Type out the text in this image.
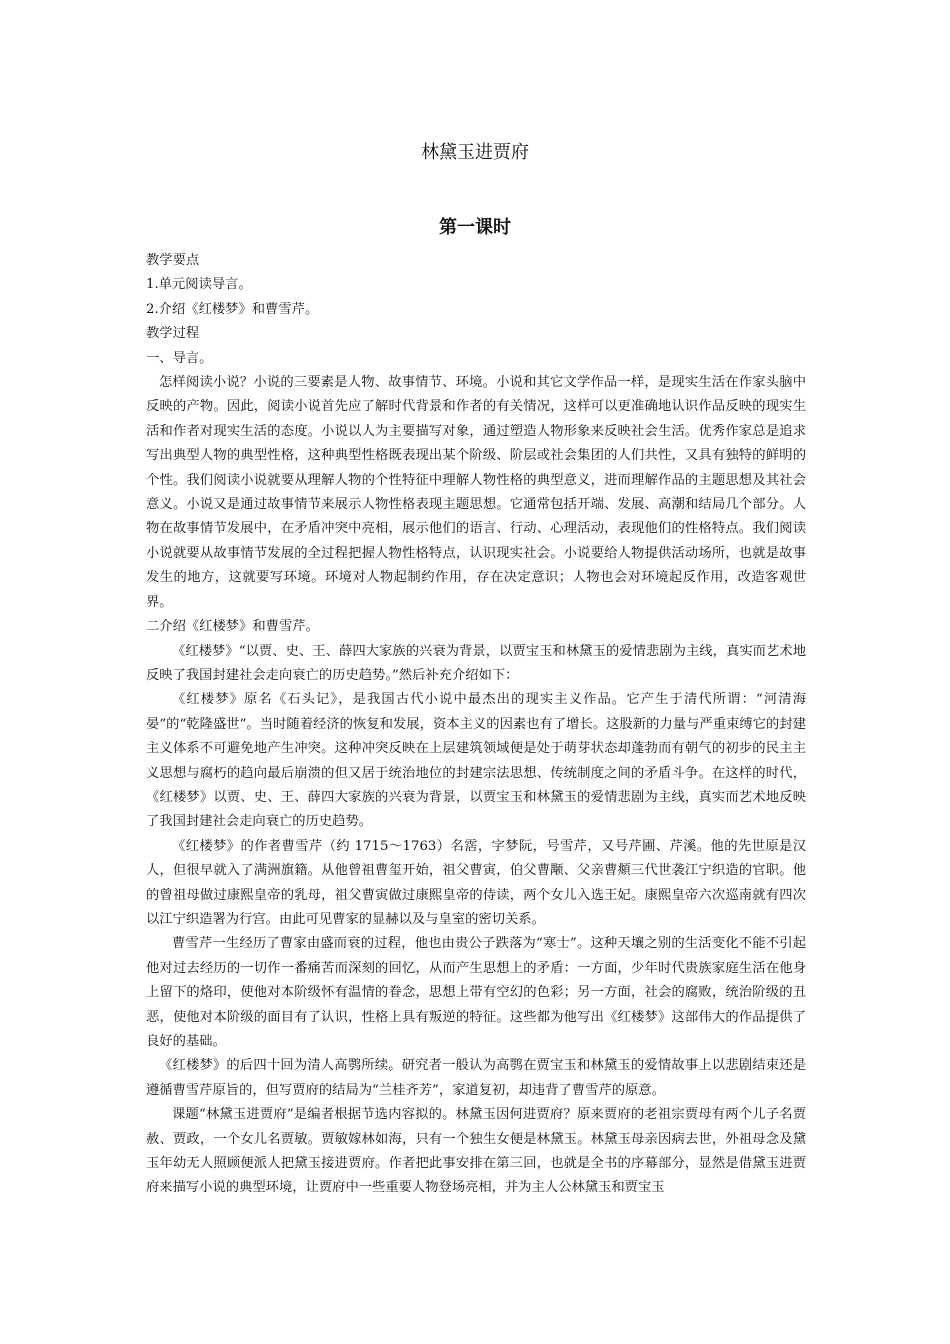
林黛玉进贾府
第一课时

教学要点

1.单元阅读导言。

2.介绍《红楼梦》和曹雪芹。

教学过程

一、导言。

怎样阅读小说？小说的三要素是人物、故事情节、环境。小说和其它文学作品一样，是现实生活在作家头脑中反映的产物。因此，阅读小说首先应了解时代背景和作者的有关情况，这样可以更准确地认识作品反映的现实生活和作者对现实生活的态度。小说以人为主要描写对象，通过塑造人物形象来反映社会生活。优秀作家总是追求写出典型人物的典型性格，这种典型性格既表现出某个阶级、阶层或社会集团的人们共性，又具有独特的鲜明的个性。我们阅读小说就要从理解人物的个性特征中理解人物性格的典型意义，进而理解作品的主题思想及其社会意义。小说又是通过故事情节来展示人物性格表现主题思想。它通常包括开端、发展、高潮和结局几个部分。人物在故事情节发展中，在矛盾冲突中亮相，展示他们的语言、行动、心理活动，表现他们的性格特点。我们阅读小说就要从故事情节发展的全过程把握人物性格特点，认识现实社会。小说要给人物提供活动场所，也就是故事发生的地方，这就要写环境。环境对人物起制约作用，存在决定意识；人物也会对环境起反作用，改造客观世界。

二介绍《红楼梦》和曹雪芹。

《红楼梦》“以贾、史、王、薛四大家族的兴衰为背景，以贾宝玉和林黛玉的爱情悲剧为主线，真实而艺术地反映了我国封建社会走向衰亡的历史趋势。”然后补充介绍如下：

《红楼梦》原名《石头记》，是我国古代小说中最杰出的现实主义作品。它产生于清代所谓：“河清海晏”的“乾隆盛世”。当时随着经济的恢复和发展，资本主义的因素也有了增长。这股新的力量与严重束缚它的封建主义体系不可避免地产生冲突。这种冲突反映在上层建筑领域便是处于萌芽状态却蓬勃而有朝气的初步的民主主义思想与腐朽的趋向最后崩溃的但又居于统治地位的封建宗法思想、传统制度之间的矛盾斗争。在这样的时代，《红楼梦》以贾、史、王、薛四大家族的兴衰为背景，以贾宝玉和林黛玉的爱情悲剧为主线，真实而艺术地反映了我国封建社会走向衰亡的历史趋势。

《红楼梦》的作者曹雪芹（约 1715～1763）名霑，字梦阮，号雪芹，又号芹圃、芹溪。他的先世原是汉人，但很早就入了满洲旗籍。从他曾祖曹玺开始，祖父曹寅，伯父曹颙、父亲曹頫三代世袭江宁织造的官职。他的曾祖母做过康熙皇帝的乳母，祖父曹寅做过康熙皇帝的侍读，两个女儿入选王妃。康熙皇帝六次巡南就有四次以江宁织造署为行宫。由此可见曹家的显赫以及与皇室的密切关系。

曹雪芹一生经历了曹家由盛而衰的过程，他也由贵公子跌落为“寒士”。这种天壤之别的生活变化不能不引起他对过去经历的一切作一番痛苦而深刻的回忆，从而产生思想上的矛盾：一方面，少年时代贵族家庭生活在他身上留下的烙印，使他对本阶级怀有温情的眷念，思想上带有空幻的色彩；另一方面，社会的腐败，统治阶级的丑恶，使他对本阶级的面目有了认识，性格上具有叛逆的特征。这些都为他写出《红楼梦》这部伟大的作品提供了良好的基础。

《红楼梦》的后四十回为清人高鹗所续。研究者一般认为高鹗在贾宝玉和林黛玉的爱情故事上以悲剧结束还是遵循曹雪芹原旨的，但写贾府的结局为“兰桂齐芳”，家道复初，却违背了曹雪芹的原意。

课题“林黛玉进贾府”是编者根据节选内容拟的。林黛玉因何进贾府？原来贾府的老祖宗贾母有两个儿子名贾赦、贾政，一个女儿名贾敏。贾敏嫁林如海，只有一个独生女便是林黛玉。林黛玉母亲因病去世，外祖母念及黛玉年幼无人照顾便派人把黛玉接进贾府。作者把此事安排在第三回，也就是全书的序幕部分，显然是借黛玉进贾府来描写小说的典型环境，让贾府中一些重要人物登场亮相，并为主人公林黛玉和贾宝玉
